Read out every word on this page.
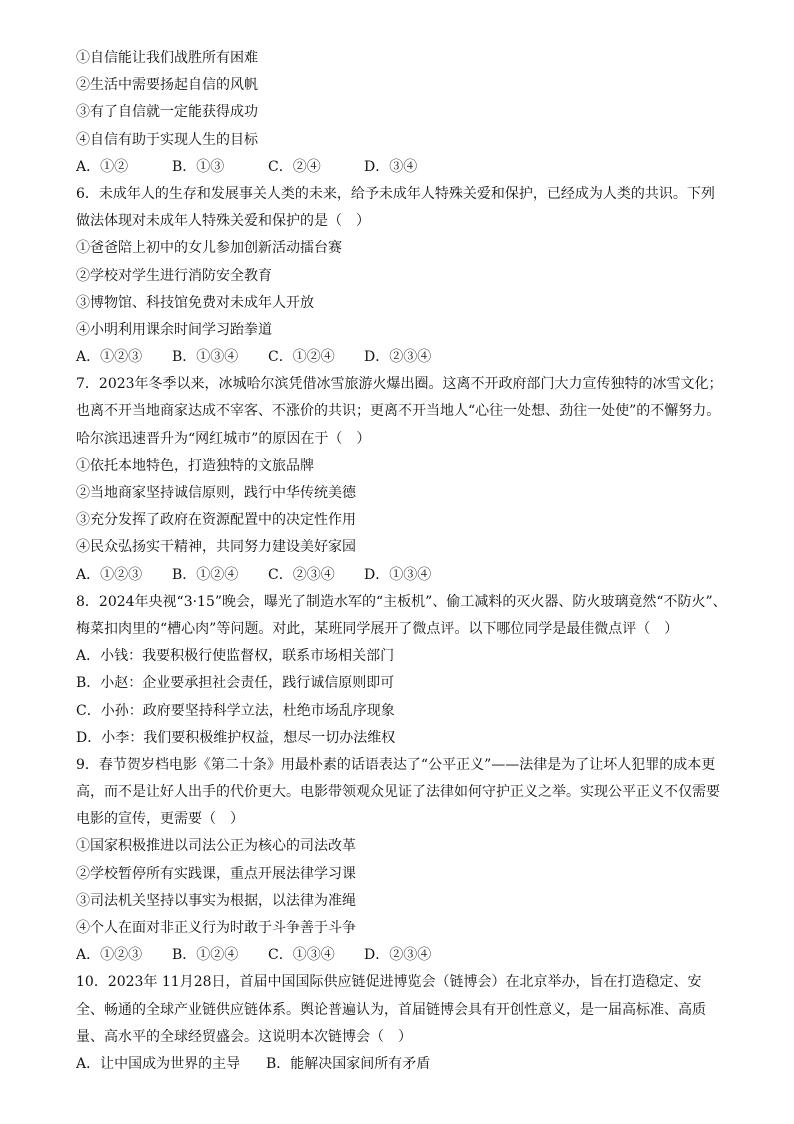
①自信能让我们战胜所有困难
②生活中需要扬起自信的风帆
③有了自信就一定能获得成功
④自信有助于实现人生的目标
A．①②	B．①③	C．②④	D．③④
6．未成年人的生存和发展事关人类的未来，给予未成年人特殊关爱和保护，已经成为人类的共识。下列
做法体现对未成年人特殊关爱和保护的是（　）
①爸爸陪上初中的女儿参加创新活动擂台赛
②学校对学生进行消防安全教育
③博物馆、科技馆免费对未成年人开放
④小明利用课余时间学习跆拳道
A．①②③	B．①③④	C．①②④	D．②③④
7．2023年冬季以来，冰城哈尔滨凭借冰雪旅游火爆出圈。这离不开政府部门大力宣传独特的冰雪文化；
也离不开当地商家达成不宰客、不涨价的共识；更离不开当地人“心往一处想、劲往一处使”的不懈努力。
哈尔滨迅速晋升为“网红城市”的原因在于（　）
①依托本地特色，打造独特的文旅品牌
②当地商家坚持诚信原则，践行中华传统美德
③充分发挥了政府在资源配置中的决定性作用
④民众弘扬实干精神，共同努力建设美好家园
A．①②③	B．①②④	C．②③④	D．①③④
8．2024年央视“3·15”晚会，曝光了制造水军的“主板机”、偷工减料的灭火器、防火玻璃竟然“不防火”、
梅菜扣肉里的“槽心肉”等问题。对此，某班同学展开了微点评。以下哪位同学是最佳微点评（　）
A．小钱：我要积极行使监督权，联系市场相关部门
B．小赵：企业要承担社会责任，践行诚信原则即可
C．小孙：政府要坚持科学立法，杜绝市场乱序现象
D．小李：我们要积极维护权益，想尽一切办法维权
9．春节贺岁档电影《第二十条》用最朴素的话语表达了“公平正义”——法律是为了让坏人犯罪的成本更
高，而不是让好人出手的代价更大。电影带领观众见证了法律如何守护正义之举。实现公平正义不仅需要
电影的宣传，更需要（　）
①国家积极推进以司法公正为核心的司法改革
②学校暂停所有实践课，重点开展法律学习课
③司法机关坚持以事实为根据，以法律为准绳
④个人在面对非正义行为时敢于斗争善于斗争
A．①②③	B．①②④	C．①③④	D．②③④
10．2023年 11月28日，首届中国国际供应链促进博览会（链博会）在北京举办，旨在打造稳定、安
全、畅通的全球产业链供应链体系。舆论普遍认为，首届链博会具有开创性意义，是一届高标准、高质
量、高水平的全球经贸盛会。这说明本次链博会（　）
A．让中国成为世界的主导	B．能解决国家间所有矛盾
